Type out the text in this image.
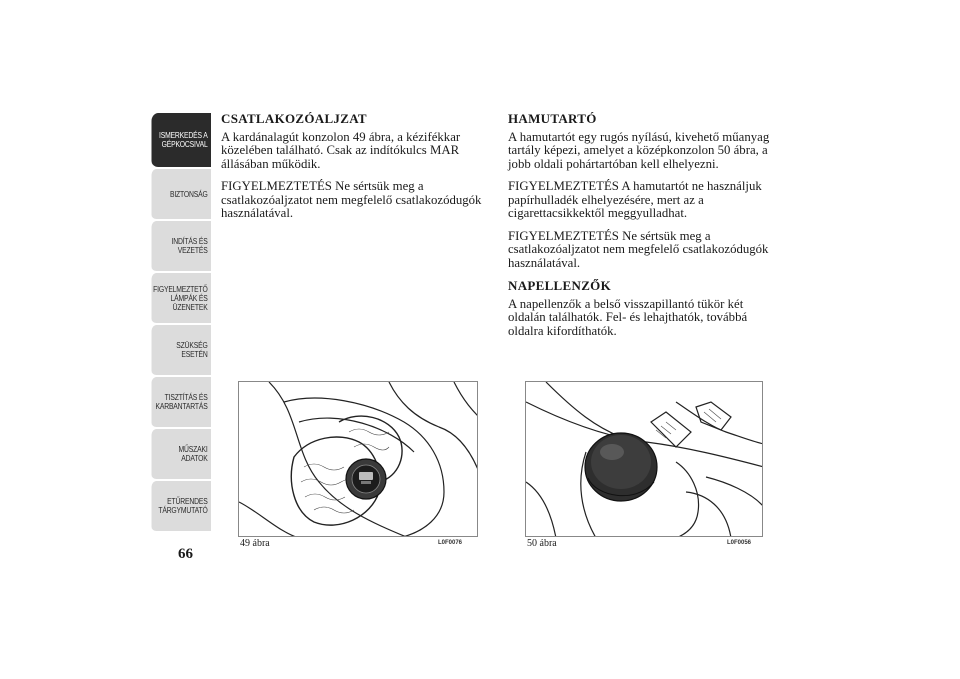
ISMERKEDÉS A
GÉPKOCSIVAL
BIZTONSÁG
INDÍTÁS ÉS
VEZETÉS
FIGYELMEZTETŐ
LÁMPÁK ÉS
ÜZENETEK
SZÜKSÉG ESETÉN
TISZTÍTÁS ÉS
KARBANTARTÁS
MŰSZAKI ADATOK
ETŰRENDES
TÁRGYMUTATÓ
66
CSATLAKOZÓALJZAT

A kardánalagút konzolon 49 ábra, a kézifékkar közelében található. Csak az indítókulcs MAR állásában működik.

FIGYELMEZTETÉS Ne sértsük meg a csatlakozóaljzatot nem megfelelő csatlakozódugók használatával.

HAMUTARTÓ

A hamutartót egy rugós nyílású, kivehető műanyag tartály képezi, amelyet a középkonzolon 50 ábra, a jobb oldali pohártartóban kell elhelyezni.

FIGYELMEZTETÉS A hamutartót ne használjuk papírhulladék elhelyezésére, mert az a cigarettacsikkektől meggyulladhat.

FIGYELMEZTETÉS Ne sértsük meg a csatlakozóaljzatot nem megfelelő csatlakozódugók használatával.

NAPELLENZŐK

A napellenzők a belső visszapillantó tükör két oldalán találhatók. Fel- és lehajthatók, továbbá oldalra kifordíthatók.

49 ábra	L0F0076	50 ábra	L0F0056
